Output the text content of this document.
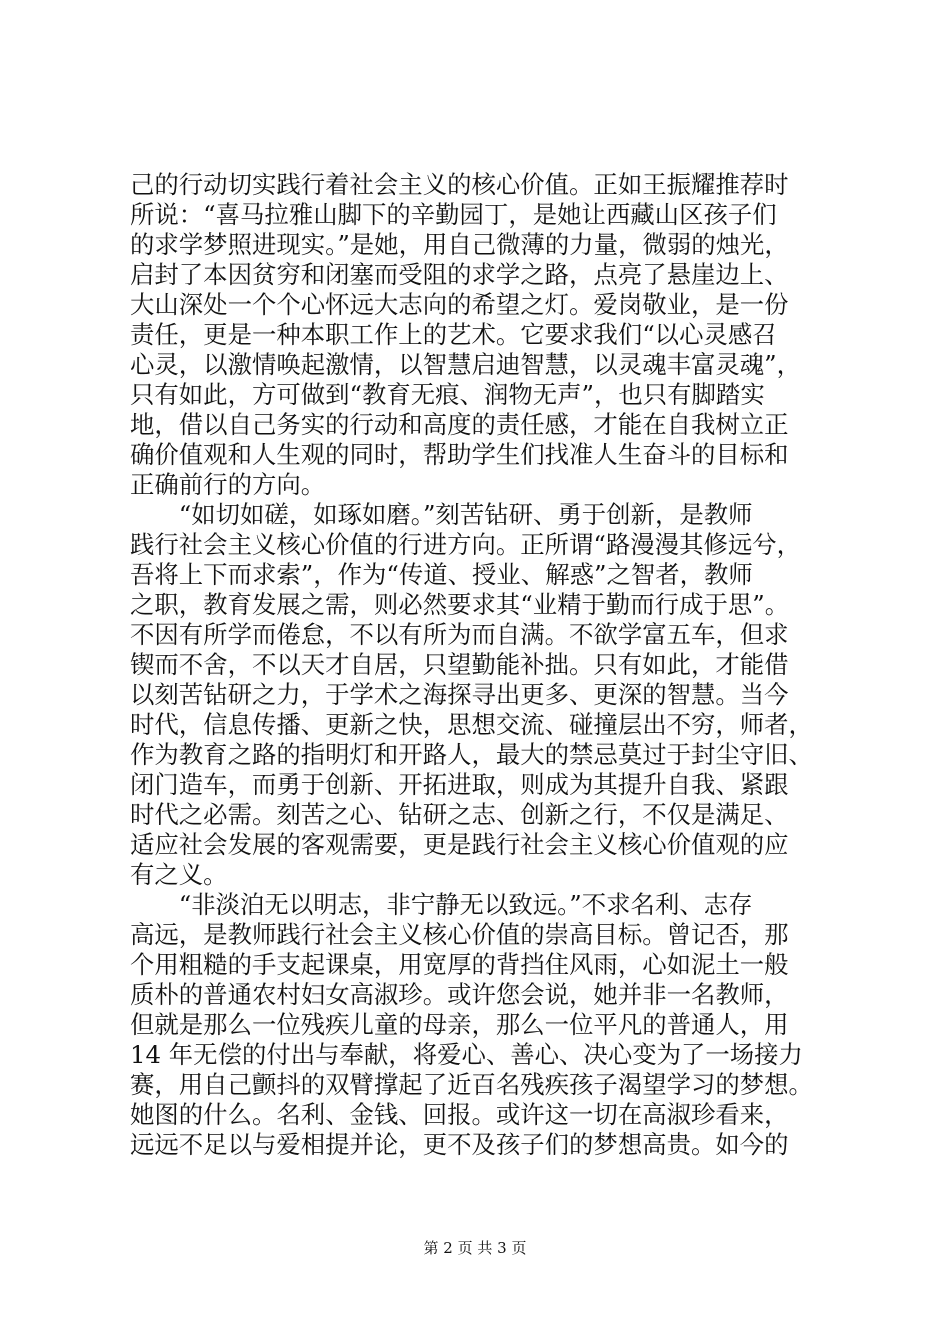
己的行动切实践行着社会主义的核心价值。正如王振耀推荐时
所说：“喜马拉雅山脚下的辛勤园丁，是她让西藏山区孩子们
的求学梦照进现实。”是她，用自己微薄的力量，微弱的烛光，
启封了本因贫穷和闭塞而受阻的求学之路，点亮了悬崖边上、
大山深处一个个心怀远大志向的希望之灯。爱岗敬业，是一份
责任，更是一种本职工作上的艺术。它要求我们“以心灵感召
心灵，以激情唤起激情，以智慧启迪智慧，以灵魂丰富灵魂”，
只有如此，方可做到“教育无痕、润物无声”，也只有脚踏实
地，借以自己务实的行动和高度的责任感，才能在自我树立正
确价值观和人生观的同时，帮助学生们找准人生奋斗的目标和
正确前行的方向。
　　“如切如磋，如琢如磨。”刻苦钻研、勇于创新，是教师
践行社会主义核心价值的行进方向。正所谓“路漫漫其修远兮，
吾将上下而求索”，作为“传道、授业、解惑”之智者，教师
之职，教育发展之需，则必然要求其“业精于勤而行成于思”。
不因有所学而倦怠，不以有所为而自满。不欲学富五车，但求
锲而不舍，不以天才自居，只望勤能补拙。只有如此，才能借
以刻苦钻研之力，于学术之海探寻出更多、更深的智慧。当今
时代，信息传播、更新之快，思想交流、碰撞层出不穷，师者，
作为教育之路的指明灯和开路人，最大的禁忌莫过于封尘守旧、
闭门造车，而勇于创新、开拓进取，则成为其提升自我、紧跟
时代之必需。刻苦之心、钻研之志、创新之行，不仅是满足、
适应社会发展的客观需要，更是践行社会主义核心价值观的应
有之义。
　　“非淡泊无以明志，非宁静无以致远。”不求名利、志存
高远，是教师践行社会主义核心价值的崇高目标。曾记否，那
个用粗糙的手支起课桌，用宽厚的背挡住风雨，心如泥土一般
质朴的普通农村妇女高淑珍。或许您会说，她并非一名教师，
但就是那么一位残疾儿童的母亲，那么一位平凡的普通人，用
14 年无偿的付出与奉献，将爱心、善心、决心变为了一场接力
赛，用自己颤抖的双臂撑起了近百名残疾孩子渴望学习的梦想。
她图的什么。名利、金钱、回报。或许这一切在高淑珍看来，
远远不足以与爱相提并论，更不及孩子们的梦想高贵。如今的
第 2 页 共 3 页
